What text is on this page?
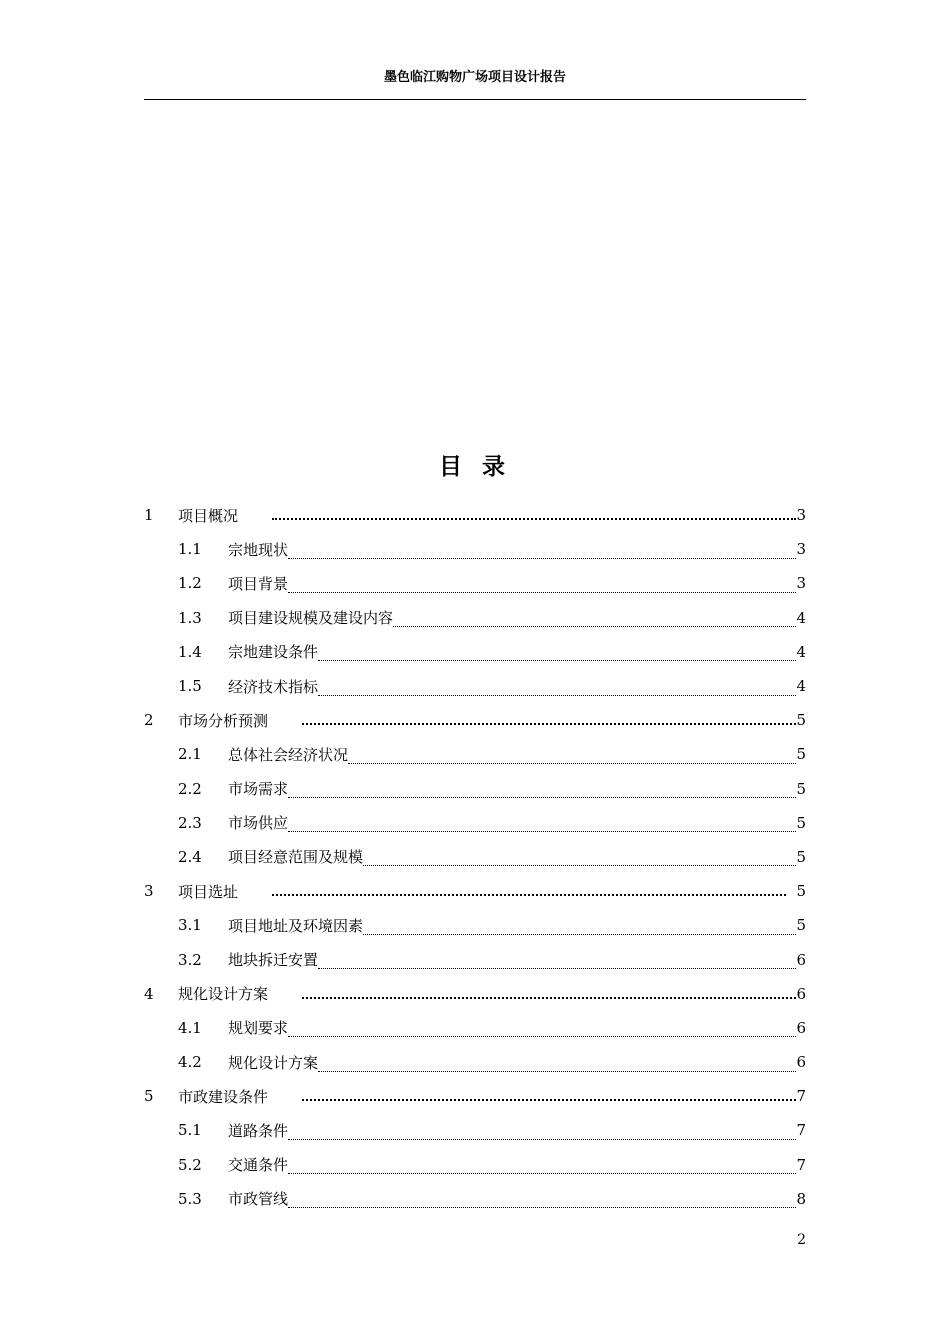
墨色临江购物广场项目设计报告
目 录
1	项目概况	3
1.1	宗地现状	3
1.2	项目背景	3
1.3	项目建设规模及建设内容	4
1.4	宗地建设条件	4
1.5	经济技术指标	4
2	市场分析预测	5
2.1	总体社会经济状况	5
2.2	市场需求	5
2.3	市场供应	5
2.4	项目经意范围及规模	5
3	项目选址	5
3.1	项目地址及环境因素	5
3.2	地块拆迁安置	6
4	规化设计方案	6
4.1	规划要求	6
4.2	规化设计方案	6
5	市政建设条件	7
5.1	道路条件	7
5.2	交通条件	7
5.3	市政管线	8
2
